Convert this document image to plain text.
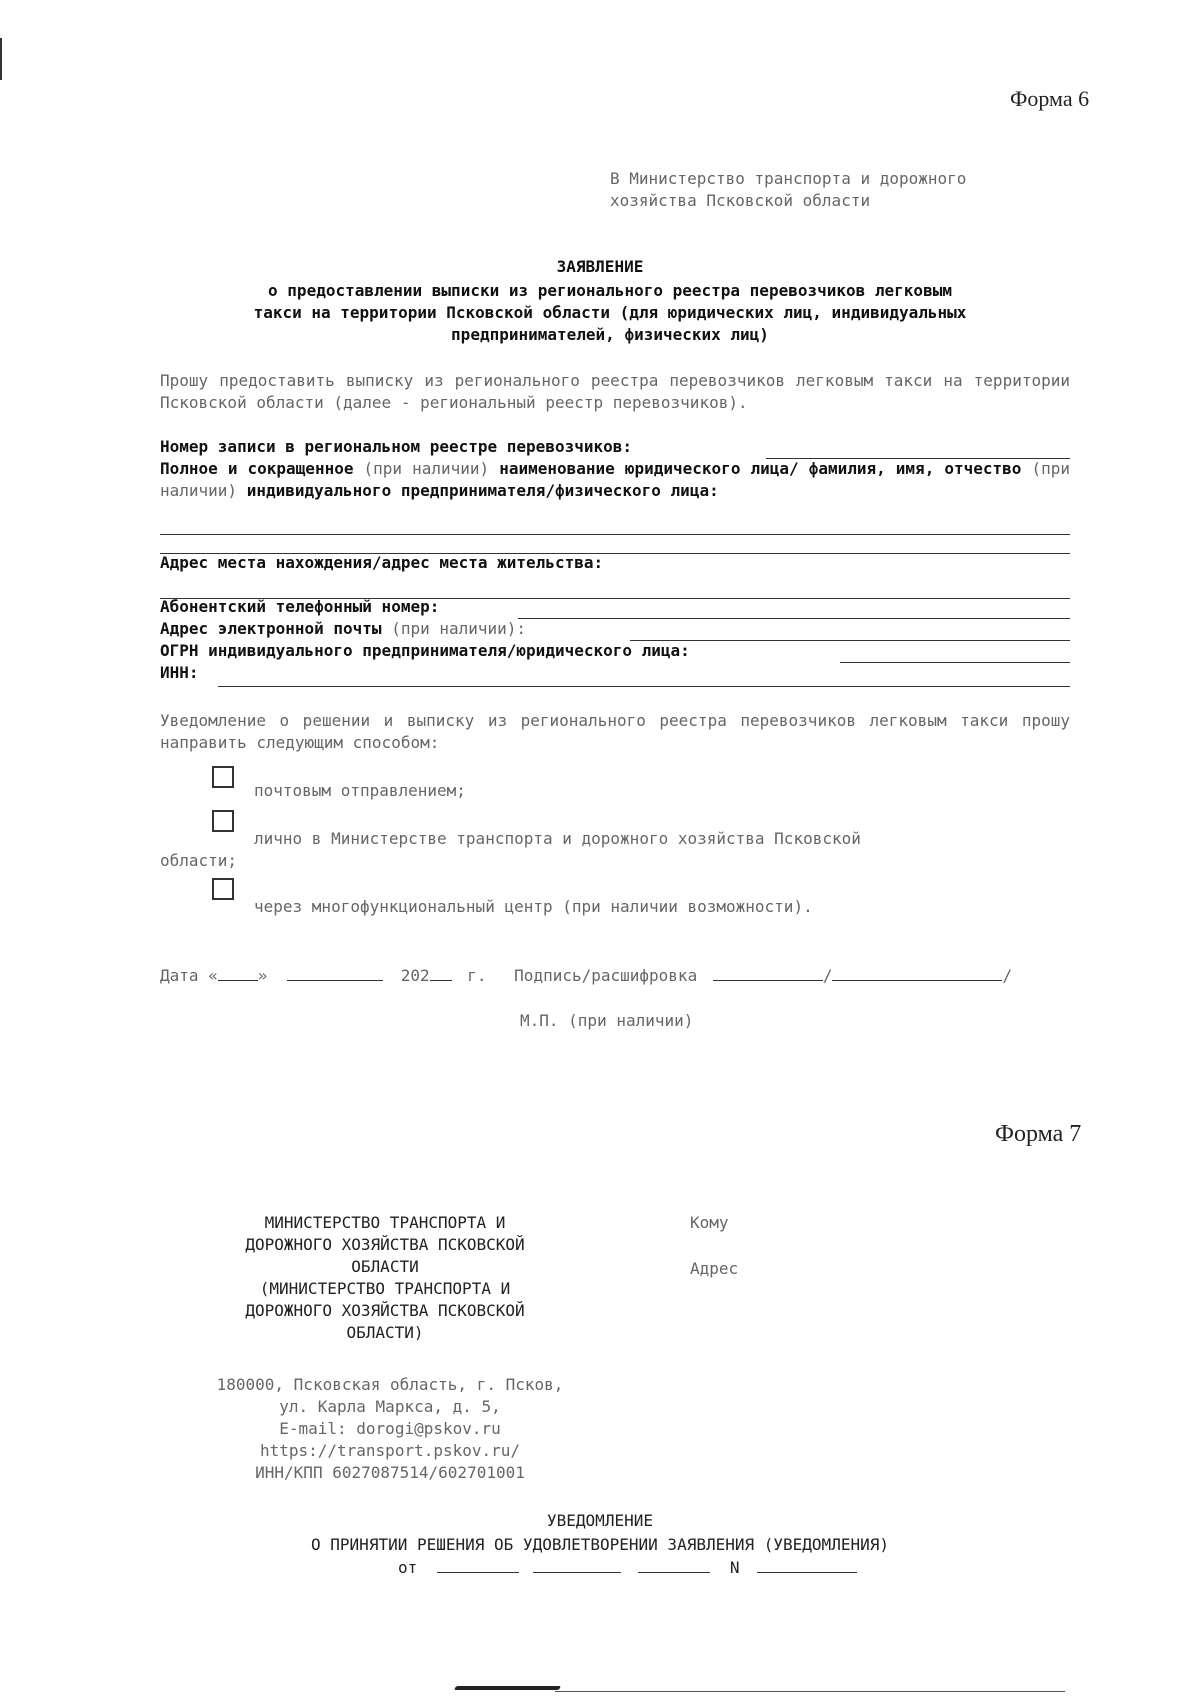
Форма 6
В Министерство транспорта и дорожного
хозяйства Псковской области
ЗАЯВЛЕНИЕ
о предоставлении выписки из регионального реестра перевозчиков легковым
такси на территории Псковской области (для юридических лиц, индивидуальных
предпринимателей, физических лиц)
Прошу предоставить выписку из регионального реестра перевозчиков легковым такси на территории Псковской области (далее - региональный реестр перевозчиков).
Номер записи в региональном реестре перевозчиков:
Полное и сокращенное (при наличии) наименование юридического лица/ фамилия, имя, отчество (при наличии) индивидуального предпринимателя/физического лица:
Адрес места нахождения/адрес места жительства:
Абонентский телефонный номер:
Адрес электронной почты (при наличии):
ОГРН индивидуального предпринимателя/юридического лица:
ИНН:
Уведомление о решении и выписку из регионального реестра перевозчиков легковым такси прошу направить следующим способом:
почтовым отправлением;
лично в Министерстве транспорта и дорожного хозяйства Псковской
области;
через многофункциональный центр (при наличии возможности).
Дата «	»	202 г. Подпись/расшифровка	/	/
М.П. (при наличии)
Форма 7
МИНИСТЕРСТВО ТРАНСПОРТА И
ДОРОЖНОГО ХОЗЯЙСТВА ПСКОВСКОЙ
ОБЛАСТИ
(МИНИСТЕРСТВО ТРАНСПОРТА И
ДОРОЖНОГО ХОЗЯЙСТВА ПСКОВСКОЙ
ОБЛАСТИ)
Кому
Адрес
180000, Псковская область, г. Псков,
ул. Карла Маркса, д. 5,
E-mail: dorogi@pskov.ru
https://transport.pskov.ru/
ИНН/КПП 6027087514/602701001
УВЕДОМЛЕНИЕ
О ПРИНЯТИИ РЕШЕНИЯ ОБ УДОВЛЕТВОРЕНИИ ЗАЯВЛЕНИЯ (УВЕДОМЛЕНИЯ)
от	N
